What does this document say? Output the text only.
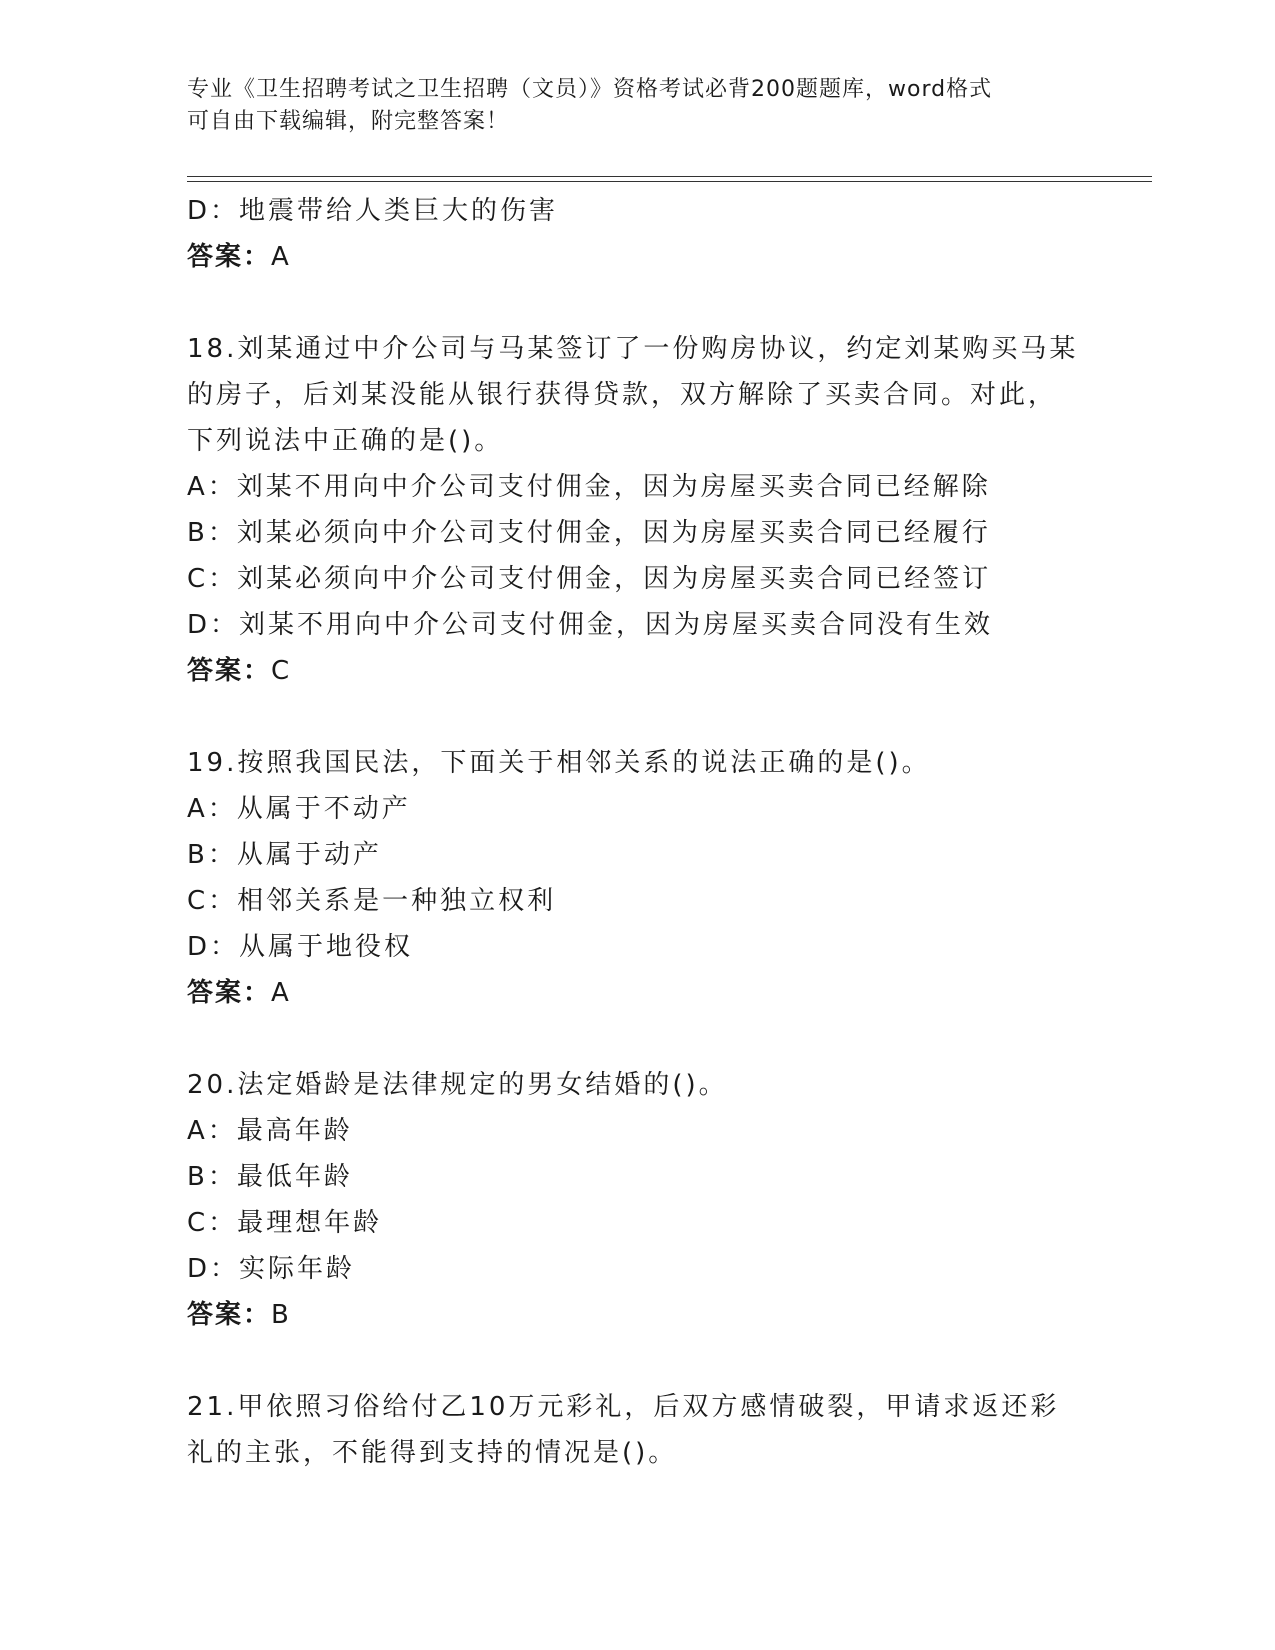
专业《卫生招聘考试之卫生招聘（文员）》资格考试必背200题题库，word格式
可自由下载编辑，附完整答案！
D：地震带给人类巨大的伤害
答案：A
18.刘某通过中介公司与马某签订了一份购房协议，约定刘某购买马某
的房子，后刘某没能从银行获得贷款，双方解除了买卖合同。对此，
下列说法中正确的是()。
A：刘某不用向中介公司支付佣金，因为房屋买卖合同已经解除
B：刘某必须向中介公司支付佣金，因为房屋买卖合同已经履行
C：刘某必须向中介公司支付佣金，因为房屋买卖合同已经签订
D：刘某不用向中介公司支付佣金，因为房屋买卖合同没有生效
答案：C
19.按照我国民法，下面关于相邻关系的说法正确的是()。
A：从属于不动产
B：从属于动产
C：相邻关系是一种独立权利
D：从属于地役权
答案：A
20.法定婚龄是法律规定的男女结婚的()。
A：最高年龄
B：最低年龄
C：最理想年龄
D：实际年龄
答案：B
21.甲依照习俗给付乙10万元彩礼，后双方感情破裂，甲请求返还彩
礼的主张，不能得到支持的情况是()。
